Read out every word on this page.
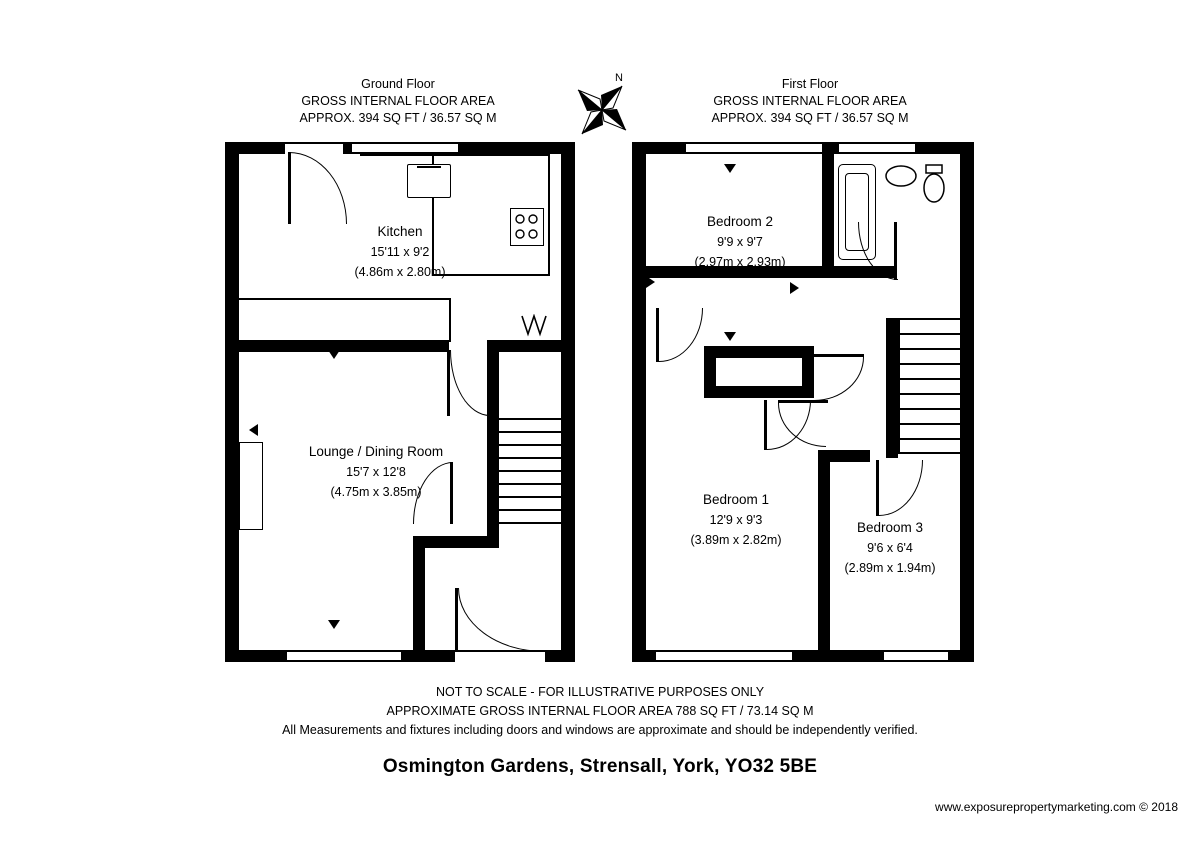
Ground Floor
GROSS INTERNAL FLOOR AREA
APPROX. 394 SQ FT / 36.57 SQ M
First Floor
GROSS INTERNAL FLOOR AREA
APPROX. 394 SQ FT / 36.57 SQ M
N
Kitchen
15'11 x 9'2
(4.86m x 2.80m)
Lounge / Dining Room
15'7 x 12'8
(4.75m x 3.85m)
Bedroom 2
9'9 x 9'7
(2.97m x 2.93m)
Bedroom 1
12'9 x 9'3
(3.89m x 2.82m)
Bedroom 3
9'6 x 6'4
(2.89m x 1.94m)
NOT TO SCALE - FOR ILLUSTRATIVE PURPOSES ONLY
APPROXIMATE GROSS INTERNAL FLOOR AREA 788 SQ FT / 73.14 SQ M
All Measurements and fixtures including doors and windows are approximate and should be independently verified.
Osmington Gardens, Strensall, York, YO32 5BE
www.exposurepropertymarketing.com © 2018
